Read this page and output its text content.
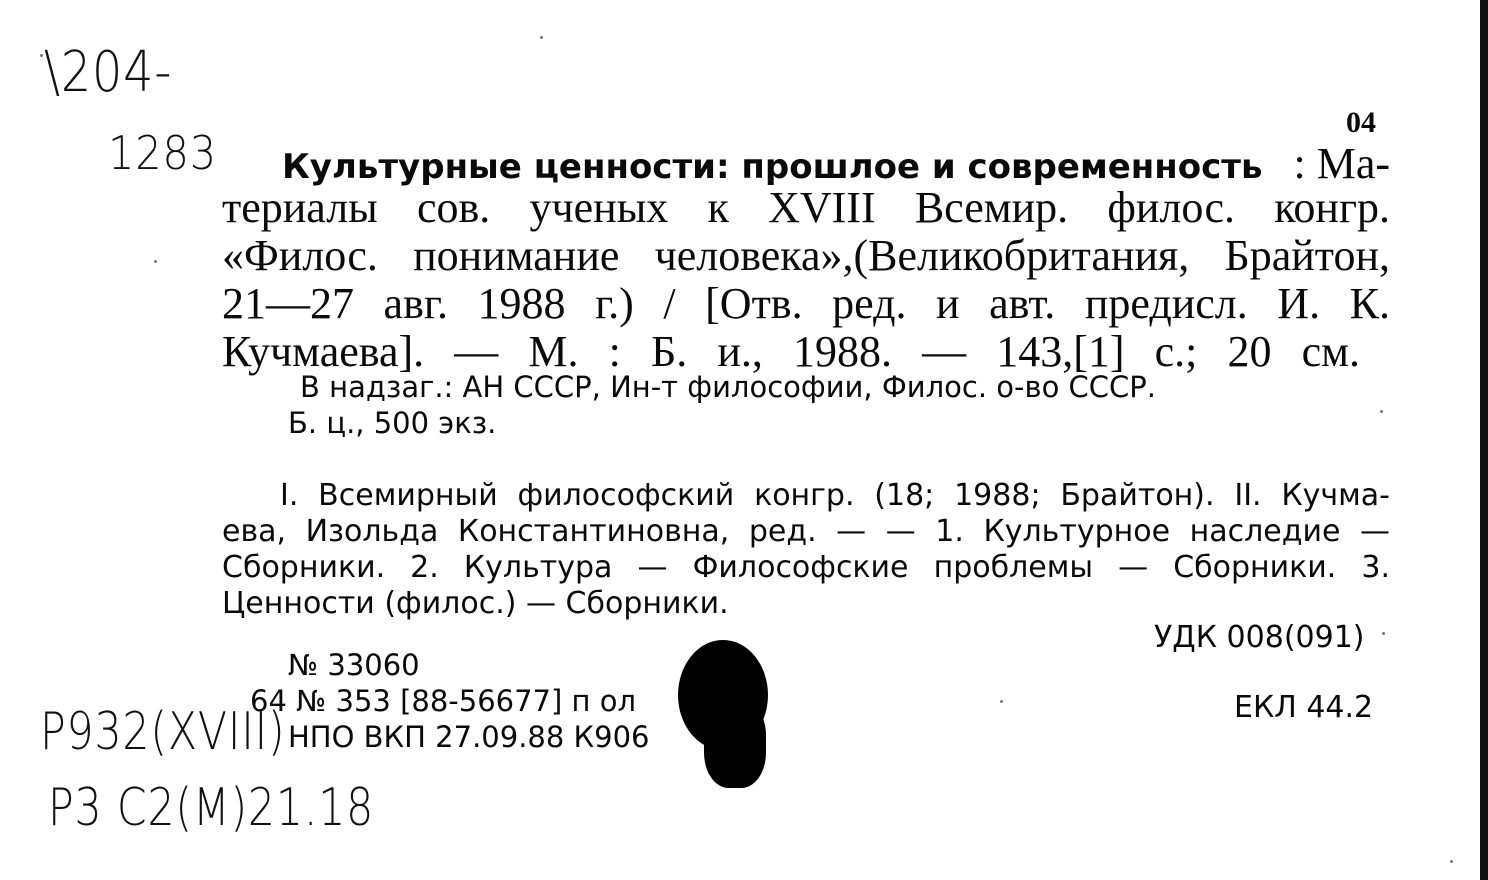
\204-
1283
04
Культурные ценности: прошлое и современность : Ма-
териалы сов. ученых к XVIII Всемир. филос. конгр.
«Филос. понимание человека»,(Великобритания, Брайтон,
21—27 авг. 1988 г.) / [Отв. ред. и авт. предисл. И. К.
Кучмаева]. — М. : Б. и., 1988. — 143,[1] с.; 20 см.
В надзаг.: АН СССР, Ин-т философии, Филос. о-во СССР.
Б. ц., 500 экз.
I. Всемирный философский конгр. (18; 1988; Брайтон). II. Кучма-
ева, Изольда Константиновна, ред. — — 1. Культурное наследие —
Сборники. 2. Культура — Философские проблемы — Сборники. 3.
Ценности (филос.) — Сборники.
УДК 008(091)
ЕКЛ 44.2
№ 33060
64 № 353 [88-56677] п ол
НПО ВКП 27.09.88 К906
P932(XVIII)
P3 C2(M)21.18
